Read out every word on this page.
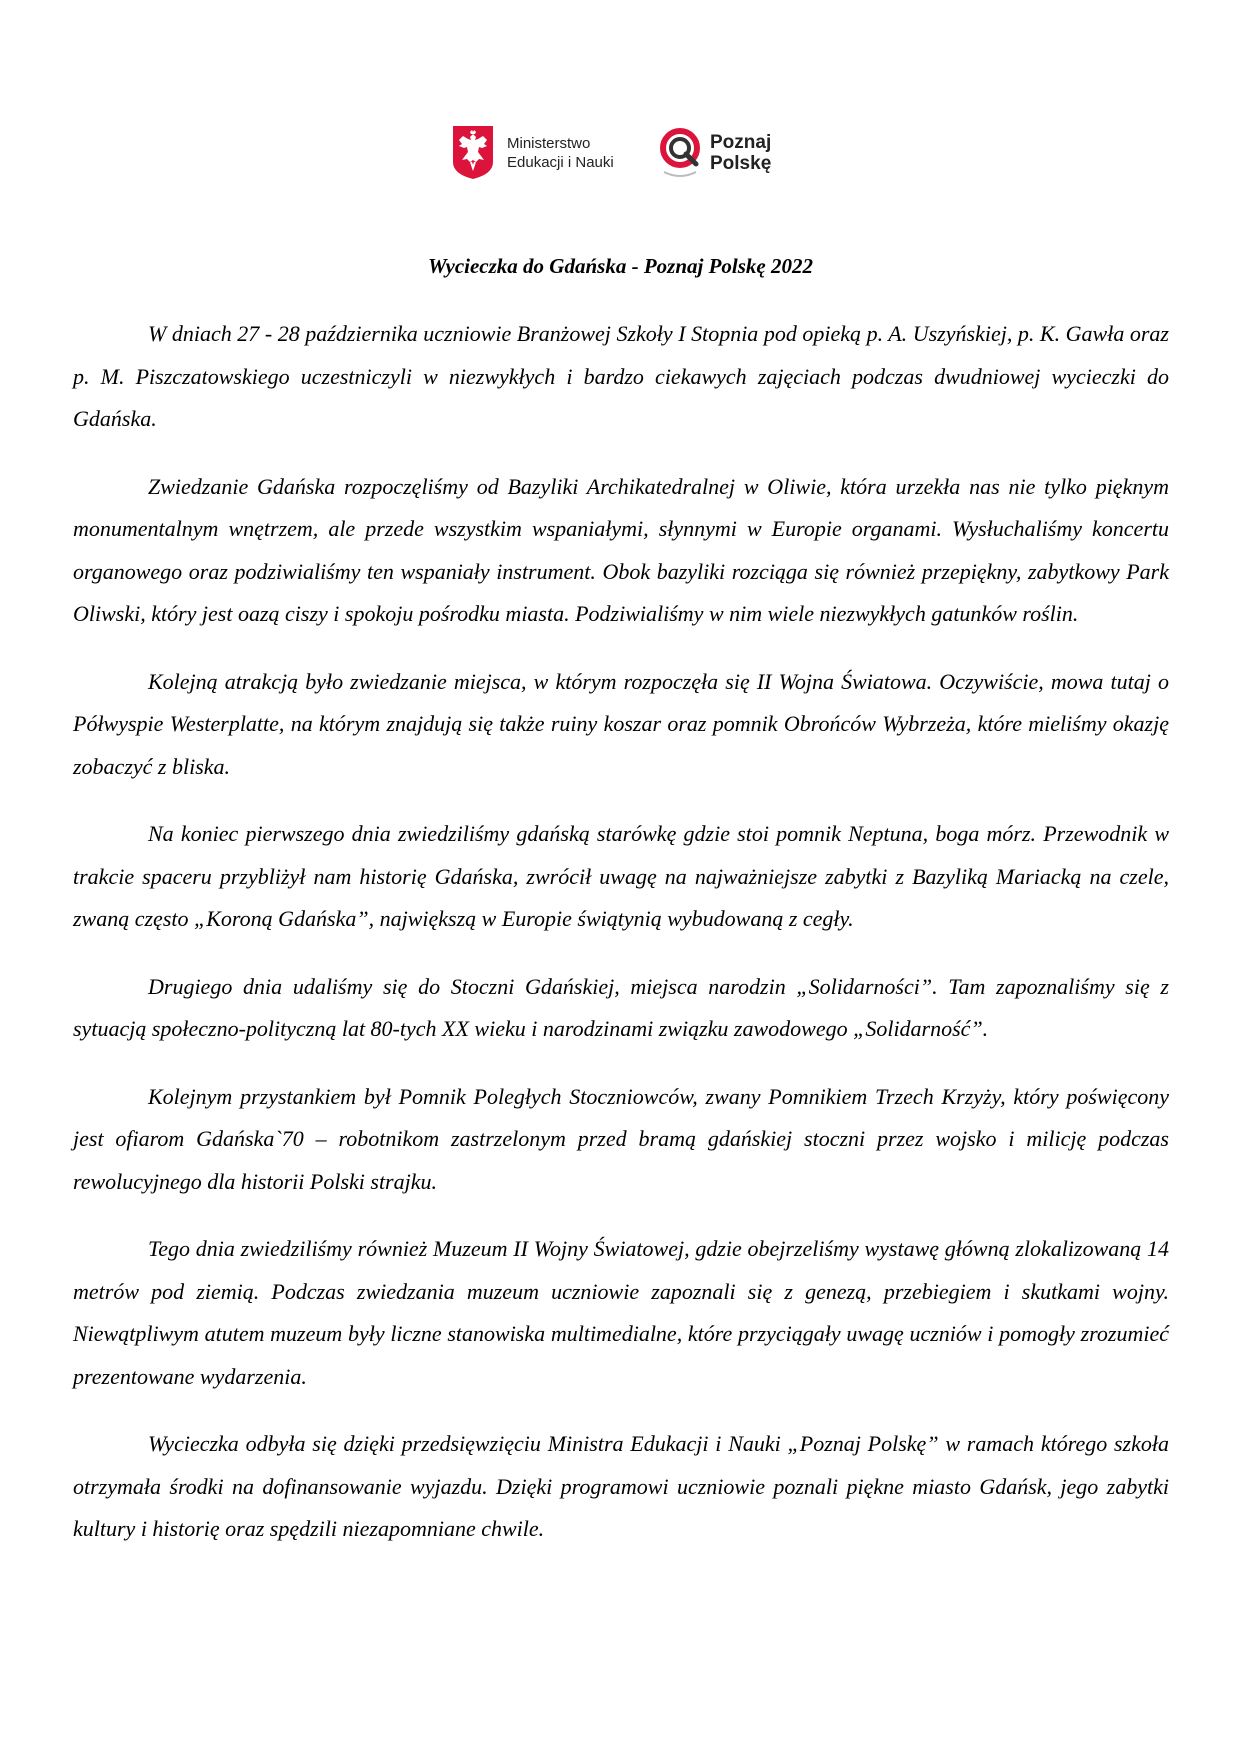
Ministerstwo
Edukacji i Nauki
Poznaj
Polskę
Wycieczka do Gdańska - Poznaj Polskę 2022

W dniach 27 - 28 października uczniowie Branżowej Szkoły I Stopnia pod opieką p. A. Uszyńskiej, p. K. Gawła oraz p. M. Piszczatowskiego uczestniczyli w niezwykłych i bardzo ciekawych zajęciach podczas dwudniowej wycieczki do Gdańska.

Zwiedzanie Gdańska rozpoczęliśmy od Bazyliki Archikatedralnej w Oliwie, która urzekła nas nie tylko pięknym monumentalnym wnętrzem, ale przede wszystkim wspaniałymi, słynnymi w Europie organami. Wysłuchaliśmy koncertu organowego oraz podziwialiśmy ten wspaniały instrument. Obok bazyliki rozciąga się również przepiękny, zabytkowy Park Oliwski, który jest oazą ciszy i spokoju pośrodku miasta. Podziwialiśmy w nim wiele niezwykłych gatunków roślin.

Kolejną atrakcją było zwiedzanie miejsca, w którym rozpoczęła się II Wojna Światowa. Oczywiście, mowa tutaj o Półwyspie Westerplatte, na którym znajdują się także ruiny koszar oraz pomnik Obrońców Wybrzeża, które mieliśmy okazję zobaczyć z bliska.

Na koniec pierwszego dnia zwiedziliśmy gdańską starówkę gdzie stoi pomnik Neptuna, boga mórz. Przewodnik w trakcie spaceru przybliżył nam historię Gdańska, zwrócił uwagę na najważniejsze zabytki z Bazyliką Mariacką na czele, zwaną często „Koroną Gdańska”, największą w Europie świątynią wybudowaną z cegły.

Drugiego dnia udaliśmy się do Stoczni Gdańskiej, miejsca narodzin „Solidarności”. Tam zapoznaliśmy się z sytuacją społeczno-polityczną lat 80-tych XX wieku i narodzinami związku zawodowego „Solidarność”.

Kolejnym przystankiem był Pomnik Poległych Stoczniowców, zwany Pomnikiem Trzech Krzyży, który poświęcony jest ofiarom Gdańska`70 – robotnikom zastrzelonym przed bramą gdańskiej stoczni przez wojsko i milicję podczas rewolucyjnego dla historii Polski strajku.

Tego dnia zwiedziliśmy również Muzeum II Wojny Światowej, gdzie obejrzeliśmy wystawę główną zlokalizowaną 14 metrów pod ziemią. Podczas zwiedzania muzeum uczniowie zapoznali się z genezą, przebiegiem i skutkami wojny. Niewątpliwym atutem muzeum były liczne stanowiska multimedialne, które przyciągały uwagę uczniów i pomogły zrozumieć prezentowane wydarzenia.

Wycieczka odbyła się dzięki przedsięwzięciu Ministra Edukacji i Nauki „Poznaj Polskę” w ramach którego szkoła otrzymała środki na dofinansowanie wyjazdu. Dzięki programowi uczniowie poznali piękne miasto Gdańsk, jego zabytki kultury i historię oraz spędzili niezapomniane chwile.
